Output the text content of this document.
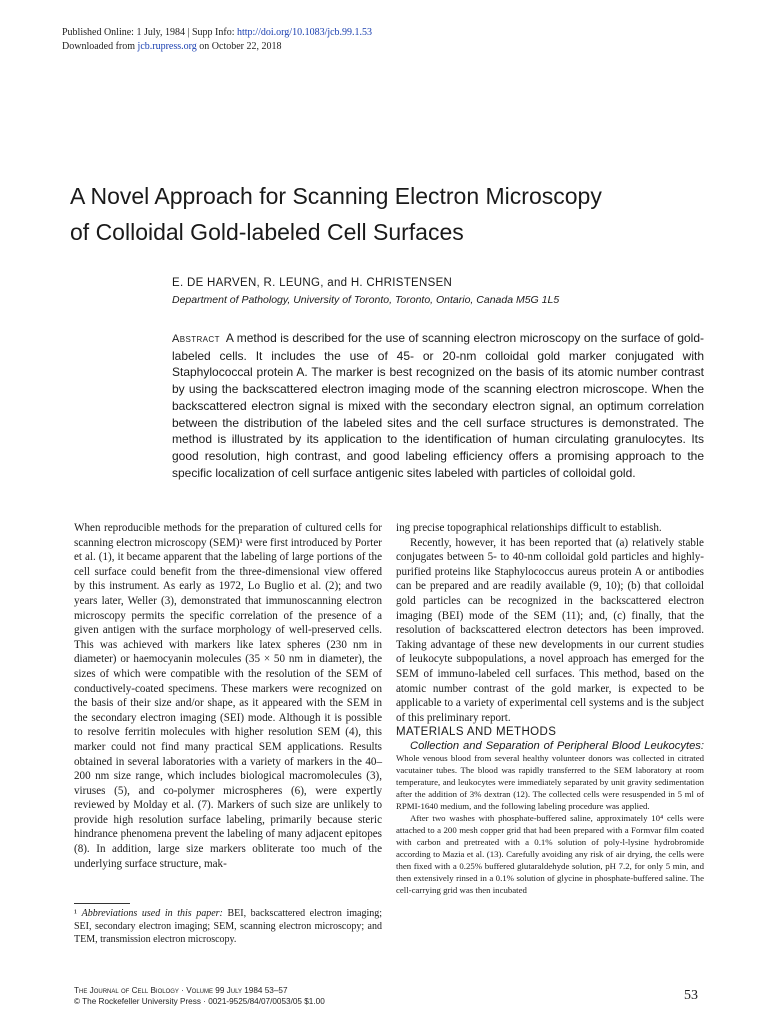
Published Online: 1 July, 1984 | Supp Info: http://doi.org/10.1083/jcb.99.1.53
Downloaded from jcb.rupress.org on October 22, 2018
A Novel Approach for Scanning Electron Microscopy
of Colloidal Gold-labeled Cell Surfaces
E. DE HARVEN, R. LEUNG, and H. CHRISTENSEN
Department of Pathology, University of Toronto, Toronto, Ontario, Canada M5G 1L5
Abstract A method is described for the use of scanning electron microscopy on the surface of gold-labeled cells. It includes the use of 45- or 20-nm colloidal gold marker conjugated with Staphylococcal protein A. The marker is best recognized on the basis of its atomic number contrast by using the backscattered electron imaging mode of the scanning electron microscope. When the backscattered electron signal is mixed with the secondary electron signal, an optimum correlation between the distribution of the labeled sites and the cell surface structures is demonstrated. The method is illustrated by its application to the identification of human circulating granulocytes. Its good resolution, high contrast, and good labeling efficiency offers a promising approach to the specific localization of cell surface antigenic sites labeled with particles of colloidal gold.

When reproducible methods for the preparation of cultured cells for scanning electron microscopy (SEM)¹ were first introduced by Porter et al. (1), it became apparent that the labeling of large portions of the cell surface could benefit from the three-dimensional view offered by this instrument. As early as 1972, Lo Buglio et al. (2); and two years later, Weller (3), demonstrated that immunoscanning electron microscopy permits the specific correlation of the presence of a given antigen with the surface morphology of well-preserved cells. This was achieved with markers like latex spheres (230 nm in diameter) or haemocyanin molecules (35 × 50 nm in diameter), the sizes of which were compatible with the resolution of the SEM of conductively-coated specimens. These markers were recognized on the basis of their size and/or shape, as it appeared with the SEM in the secondary electron imaging (SEI) mode. Although it is possible to resolve ferritin molecules with higher resolution SEM (4), this marker could not find many practical SEM applications. Results obtained in several laboratories with a variety of markers in the 40–200 nm size range, which includes biological macromolecules (3), viruses (5), and co-polymer microspheres (6), were expertly reviewed by Molday et al. (7). Markers of such size are unlikely to provide high resolution surface labeling, primarily because steric hindrance phenomena prevent the labeling of many adjacent epitopes (8). In addition, large size markers obliterate too much of the underlying surface structure, mak-

¹ Abbreviations used in this paper: BEI, backscattered electron imaging; SEI, secondary electron imaging; SEM, scanning electron microscopy; and TEM, transmission electron microscopy.

ing precise topographical relationships difficult to establish.

Recently, however, it has been reported that (a) relatively stable conjugates between 5- to 40-nm colloidal gold particles and highly-purified proteins like Staphylococcus aureus protein A or antibodies can be prepared and are readily available (9, 10); (b) that colloidal gold particles can be recognized in the backscattered electron imaging (BEI) mode of the SEM (11); and, (c) finally, that the resolution of backscattered electron detectors has been improved. Taking advantage of these new developments in our current studies of leukocyte subpopulations, a novel approach has emerged for the SEM of immuno-labeled cell surfaces. This method, based on the atomic number contrast of the gold marker, is expected to be applicable to a variety of experimental cell systems and is the subject of this preliminary report.

MATERIALS AND METHODS

Collection and Separation of Peripheral Blood Leukocytes: Whole venous blood from several healthy volunteer donors was collected in citrated vacutainer tubes. The blood was rapidly transferred to the SEM laboratory at room temperature, and leukocytes were immediately separated by unit gravity sedimentation after the addition of 3% dextran (12). The collected cells were resuspended in 5 ml of RPMI-1640 medium, and the following labeling procedure was applied.

After two washes with phosphate-buffered saline, approximately 10⁴ cells were attached to a 200 mesh copper grid that had been prepared with a Formvar film coated with carbon and pretreated with a 0.1% solution of poly-l-lysine hydrobromide according to Mazia et al. (13). Carefully avoiding any risk of air drying, the cells were then fixed with a 0.25% buffered glutaraldehyde solution, pH 7.2, for only 5 min, and then extensively rinsed in a 0.1% solution of glycine in phosphate-buffered saline. The cell-carrying grid was then incubated

The Journal of Cell Biology · Volume 99 July 1984 53–57
© The Rockefeller University Press · 0021-9525/84/07/0053/05 $1.00	53
